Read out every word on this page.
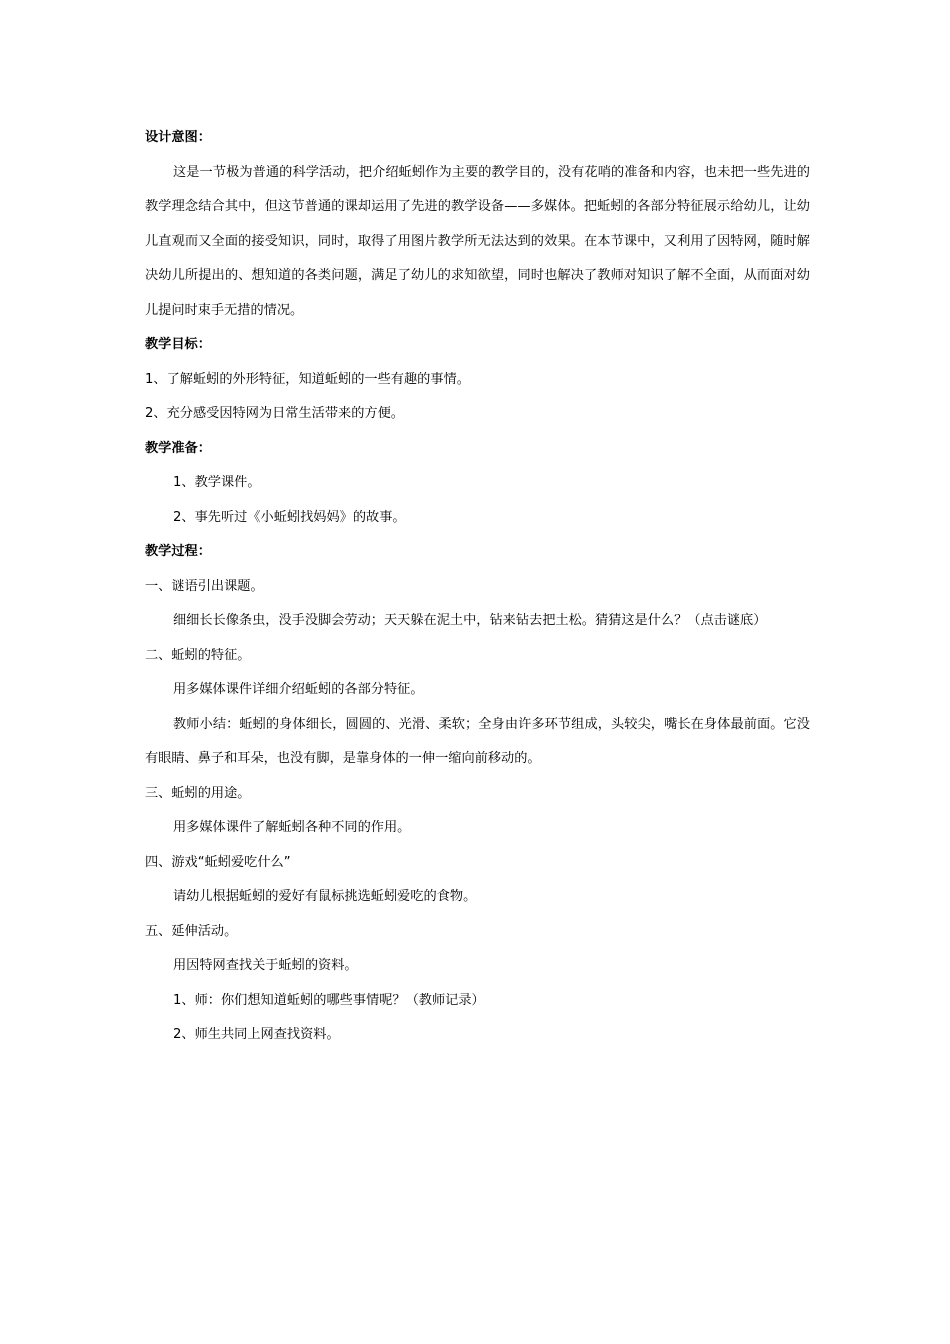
设计意图：

这是一节极为普通的科学活动，把介绍蚯蚓作为主要的教学目的，没有花哨的准备和内容，也未把一些先进的教学理念结合其中，但这节普通的课却运用了先进的教学设备——多媒体。把蚯蚓的各部分特征展示给幼儿，让幼儿直观而又全面的接受知识，同时，取得了用图片教学所无法达到的效果。在本节课中，又利用了因特网，随时解决幼儿所提出的、想知道的各类问题，满足了幼儿的求知欲望，同时也解决了教师对知识了解不全面，从而面对幼儿提问时束手无措的情况。

教学目标：

1、了解蚯蚓的外形特征，知道蚯蚓的一些有趣的事情。

2、充分感受因特网为日常生活带来的方便。

教学准备：

1、教学课件。

2、事先听过《小蚯蚓找妈妈》的故事。

教学过程：

一、谜语引出课题。

细细长长像条虫，没手没脚会劳动；天天躲在泥土中，钻来钻去把土松。猜猜这是什么？（点击谜底）

二、蚯蚓的特征。

用多媒体课件详细介绍蚯蚓的各部分特征。

教师小结：蚯蚓的身体细长，圆圆的、光滑、柔软；全身由许多环节组成，头较尖，嘴长在身体最前面。它没有眼睛、鼻子和耳朵，也没有脚，是靠身体的一伸一缩向前移动的。

三、蚯蚓的用途。

用多媒体课件了解蚯蚓各种不同的作用。

四、游戏“蚯蚓爱吃什么”

请幼儿根据蚯蚓的爱好有鼠标挑选蚯蚓爱吃的食物。

五、延伸活动。

用因特网查找关于蚯蚓的资料。

1、师：你们想知道蚯蚓的哪些事情呢？（教师记录）

2、师生共同上网查找资料。
